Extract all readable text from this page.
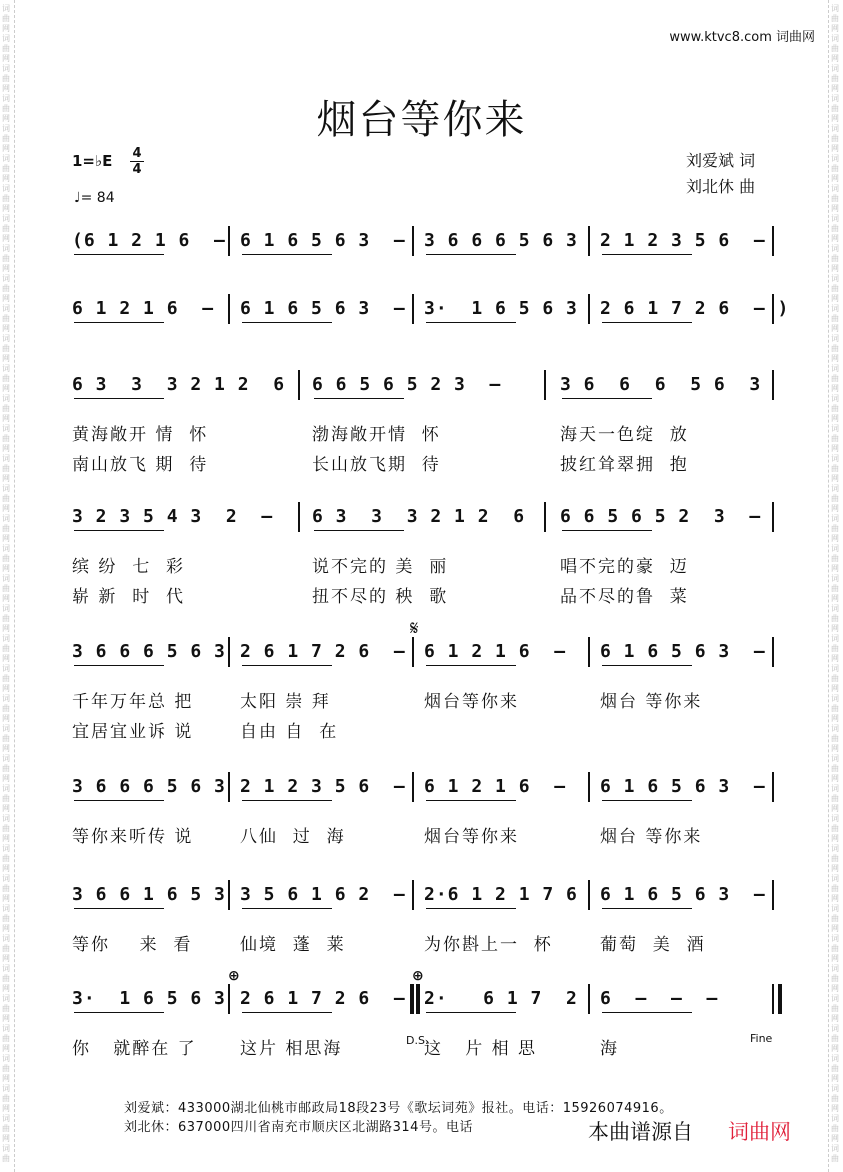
词
曲
网
词
曲
网
词
曲
网
词
曲
网
词
曲
网
词
曲
网
词
曲
网
词
曲
网
词
曲
网
词
曲
网
词
曲
网
词
曲
网
词
曲
网
词
曲
网
词
曲
网
词
曲
网
词
曲
网
词
曲
网
词
曲
网
词
曲
网
词
曲
网
词
曲
网
词
曲
网
词
曲
网
词
曲
网
词
曲
网
词
曲
网
词
曲
网
词
曲
网
词
曲
网
词
曲
网
词
曲
网
词
曲
网
词
曲
网
词
曲
网
词
曲
网
词
曲
网
词
曲
网
词
曲
词
曲
网
词
曲
网
词
曲
网
词
曲
网
词
曲
网
词
曲
网
词
曲
网
词
曲
网
词
曲
网
词
曲
网
词
曲
网
词
曲
网
词
曲
网
词
曲
网
词
曲
网
词
曲
网
词
曲
网
词
曲
网
词
曲
网
词
曲
网
词
曲
网
词
曲
网
词
曲
网
词
曲
网
词
曲
网
词
曲
网
词
曲
网
词
曲
网
词
曲
网
词
曲
网
词
曲
网
词
曲
网
词
曲
网
词
曲
网
词
曲
网
词
曲
网
词
曲
网
词
曲
网
词
曲
www.ktvc8.com 词曲网
烟台等你来
1=♭E 4
4
♩= 84
刘爱斌 词
刘北休 曲
(6 1 2 1 6  – 6 1 6 5 6 3  – 3 6 6 6 5 6 3 2 1 2 3 5 6  –
6 1 2 1 6  – 6 1 6 5 6 3  – 3·  1 6 5 6 3 2 6 1 7 2 6  – )
6 3  3  3 2 1 2  6 6 6 5 6 5 2 3  –	3 6  6  6  5 6  3
黄海敞开 情  怀	渤海敞开情  怀	海天一色绽  放
南山放飞 期  待	长山放飞期  待	披红耸翠拥  抱
3 2 3 5 4 3  2  – 6 3  3  3 2 1 2  6 6 6 5 6 5 2  3  –
缤 纷  七  彩	说不完的 美  丽	唱不完的豪  迈
崭 新  时  代	扭不尽的 秧  歌	品不尽的鲁  菜
3 6 6 6 5 6 3 2 6 1 7 2 6  – 6 1 2 1 6  – 6 1 6 5 6 3  –
千年万年总 把	太阳 崇 拜	烟台等你来	烟台 等你来
宜居宜业诉 说	自由 自  在
3 6 6 6 5 6 3 2 1 2 3 5 6  – 6 1 2 1 6  – 6 1 6 5 6 3  –
等你来听传 说	八仙  过  海	烟台等你来	烟台 等你来
3 6 6 1 6 5 3 3 5 6 1 6 2  – 2·6 1 2 1 7 6 6 1 6 5 6 3  –
等你    来  看	仙境  蓬  莱	为你斟上一  杯	葡萄  美  酒
3·  1 6 5 6 3 2 6 1 7 2 6  – 2·   6 1 7  2 6  –  –  –
你   就醉在 了	这片 相思海	这   片 相 思	海
𝄋
⊕	⊕
D.S.	Fine
刘爱斌：433000湖北仙桃市邮政局18段23号《歌坛词苑》报社。电话：15926074916。
刘北休：637000四川省南充市顺庆区北湖路314号。电话	本曲谱源自 词曲网
